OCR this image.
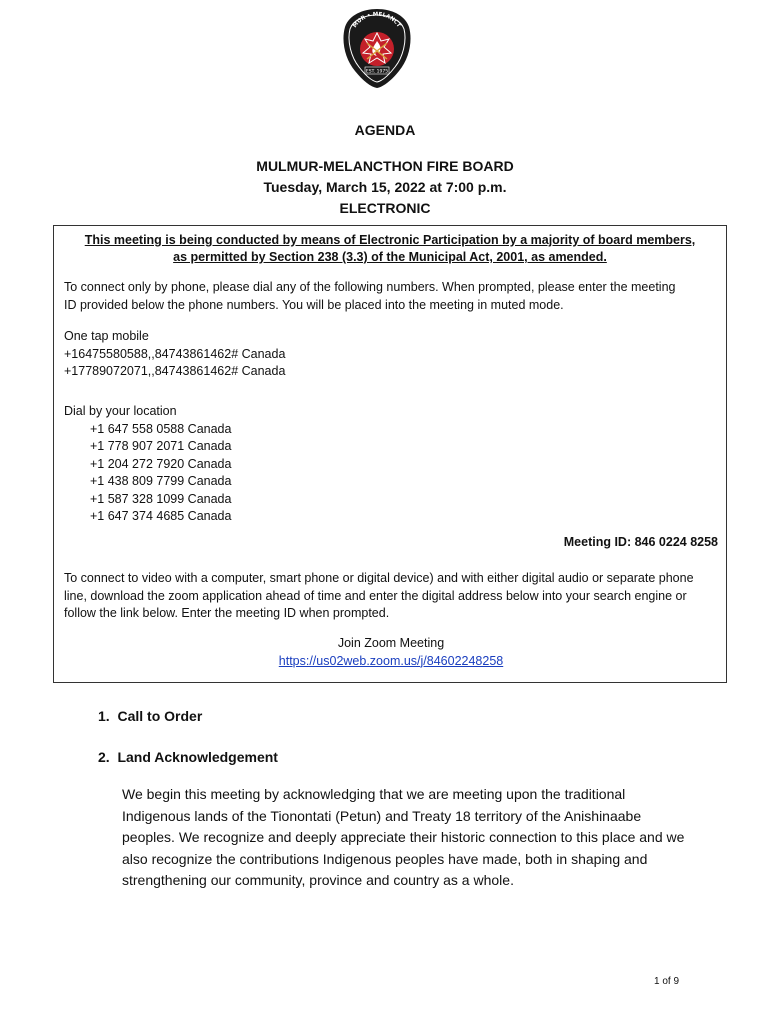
MUR • MELANCT
EST. 1975
AGENDA
MULMUR-MELANCTHON FIRE BOARD
Tuesday, March 15, 2022 at 7:00 p.m.
ELECTRONIC
This meeting is being conducted by means of Electronic Participation by a majority of board members,
as permitted by Section 238 (3.3) of the Municipal Act, 2001, as amended.
To connect only by phone, please dial any of the following numbers. When prompted, please enter the meeting
ID provided below the phone numbers. You will be placed into the meeting in muted mode.

One tap mobile

+16475580588,,84743861462# Canada

+17789072071,,84743861462# Canada

Dial by your location

+1 647 558 0588 Canada

+1 778 907 2071 Canada

+1 204 272 7920 Canada

+1 438 809 7799 Canada

+1 587 328 1099 Canada

+1 647 374 4685 Canada

Meeting ID: 846 0224 8258
To connect to video with a computer, smart phone or digital device) and with either digital audio or separate phone
line, download the zoom application ahead of time and enter the digital address below into your search engine or
follow the link below. Enter the meeting ID when prompted.
Join Zoom Meeting
https://us02web.zoom.us/j/84602248258
1. Call to Order
2. Land Acknowledgement
We begin this meeting by acknowledging that we are meeting upon the traditional
Indigenous lands of the Tionontati (Petun) and Treaty 18 territory of the Anishinaabe
peoples. We recognize and deeply appreciate their historic connection to this place and we
also recognize the contributions Indigenous peoples have made, both in shaping and
strengthening our community, province and country as a whole.
1 of 9
